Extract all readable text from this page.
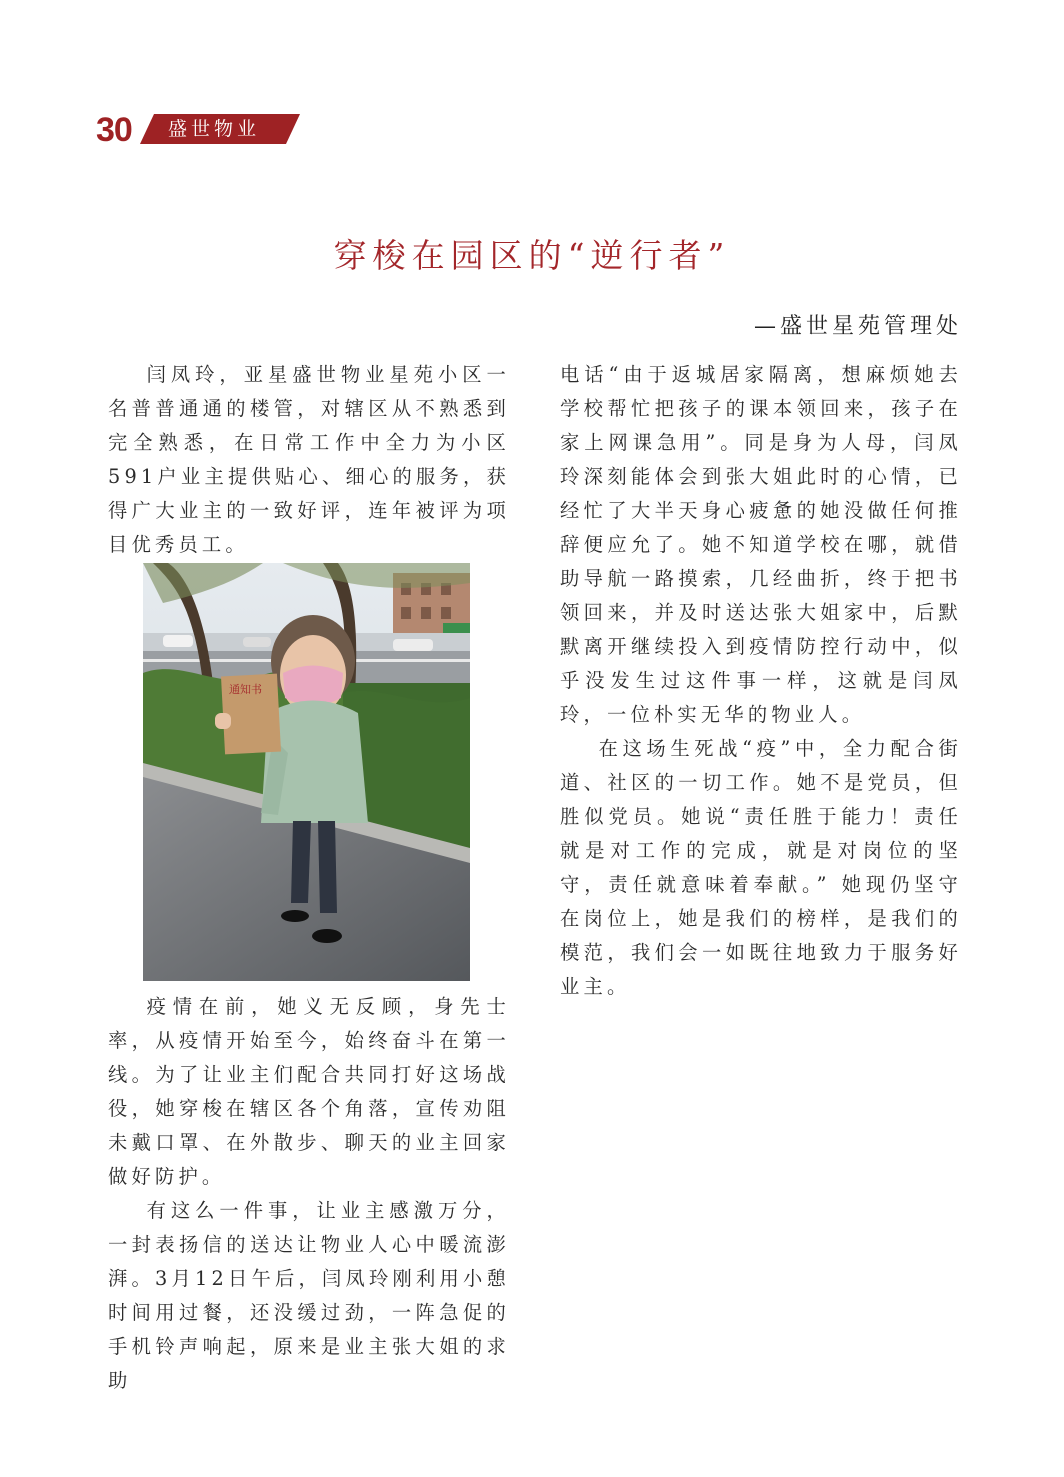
30 盛世物业
穿梭在园区的“逆行者”
—盛世星苑管理处

闫凤玲，亚星盛世物业星苑小区一名普普通通的楼管，对辖区从不熟悉到完全熟悉，在日常工作中全力为小区591户业主提供贴心、细心的服务，获得广大业主的一致好评，连年被评为项目优秀员工。

通知书

疫情在前，她义无反顾，身先士率，从疫情开始至今，始终奋斗在第一线。为了让业主们配合共同打好这场战役，她穿梭在辖区各个角落，宣传劝阻未戴口罩、在外散步、聊天的业主回家做好防护。

有这么一件事，让业主感激万分，一封表扬信的送达让物业人心中暖流澎湃。3月12日午后，闫凤玲刚利用小憩时间用过餐，还没缓过劲，一阵急促的手机铃声响起，原来是业主张大姐的求助

电话“由于返城居家隔离，想麻烦她去学校帮忙把孩子的课本领回来，孩子在家上网课急用”。同是身为人母，闫凤玲深刻能体会到张大姐此时的心情，已经忙了大半天身心疲惫的她没做任何推辞便应允了。她不知道学校在哪，就借助导航一路摸索，几经曲折，终于把书领回来，并及时送达张大姐家中，后默默离开继续投入到疫情防控行动中，似乎没发生过这件事一样，这就是闫凤玲，一位朴实无华的物业人。

在这场生死战“疫”中，全力配合街道、社区的一切工作。她不是党员，但胜似党员。她说“责任胜于能力！责任就是对工作的完成，就是对岗位的坚守，责任就意味着奉献。” 她现仍坚守在岗位上，她是我们的榜样，是我们的模范，我们会一如既往地致力于服务好业主。
